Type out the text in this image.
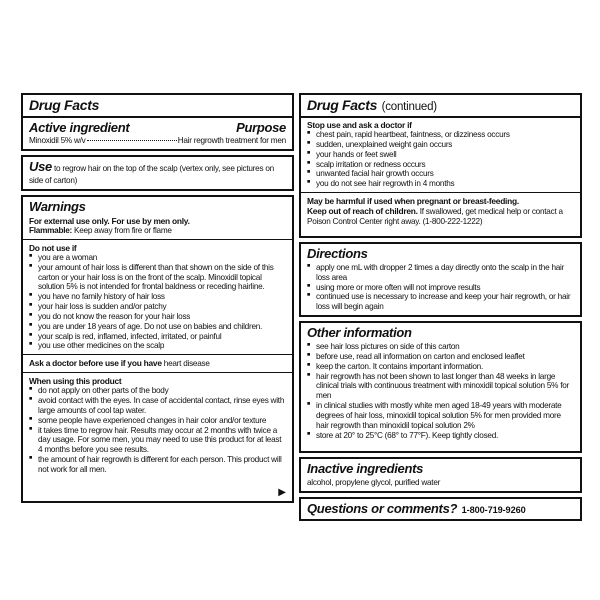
Drug Facts
Active ingredient	Purpose
Minoxidil 5% w/v	Hair regrowth treatment for men
Use to regrow hair on the top of the scalp (vertex only, see pictures on side of carton)
Warnings
For external use only. For use by men only.
Flammable: Keep away from fire or flame
Do not use if
■ you are a woman
■ your amount of hair loss is different than that shown on the side of this carton or your hair loss is on the front of the scalp. Minoxidil topical solution 5% is not intended for frontal baldness or receding hairline.
■ you have no family history of hair loss
■ your hair loss is sudden and/or patchy
■ you do not know the reason for your hair loss
■ you are under 18 years of age. Do not use on babies and children.
■ your scalp is red, inflamed, infected, irritated, or painful
■ you use other medicines on the scalp
Ask a doctor before use if you have heart disease
When using this product
■ do not apply on other parts of the body
■ avoid contact with the eyes. In case of accidental contact, rinse eyes with large amounts of cool tap water.
■ some people have experienced changes in hair color and/or texture
■ it takes time to regrow hair. Results may occur at 2 months with twice a day usage. For some men, you may need to use this product for at least 4 months before you see results.
■ the amount of hair regrowth is different for each person. This product will not work for all men.
▶
Drug Facts (continued)
Stop use and ask a doctor if
■ chest pain, rapid heartbeat, faintness, or dizziness occurs
■ sudden, unexplained weight gain occurs
■ your hands or feet swell
■ scalp irritation or redness occurs
■ unwanted facial hair growth occurs
■ you do not see hair regrowth in 4 months
May be harmful if used when pregnant or breast-feeding.
Keep out of reach of children. If swallowed, get medical help or contact a Poison Control Center right away. (1-800-222-1222)
Directions
■ apply one mL with dropper 2 times a day directly onto the scalp in the hair loss area
■ using more or more often will not improve results
■ continued use is necessary to increase and keep your hair regrowth, or hair loss will begin again
Other information
■ see hair loss pictures on side of this carton
■ before use, read all information on carton and enclosed leaflet
■ keep the carton. It contains important information.
■ hair regrowth has not been shown to last longer than 48 weeks in large clinical trials with continuous treatment with minoxidil topical solution 5% for men
■ in clinical studies with mostly white men aged 18-49 years with moderate degrees of hair loss, minoxidil topical solution 5% for men provided more hair regrowth than minoxidil topical solution 2%
■ store at 20° to 25°C (68° to 77°F). Keep tightly closed.
Inactive ingredients
alcohol, propylene glycol, purified water
Questions or comments? 1-800-719-9260
